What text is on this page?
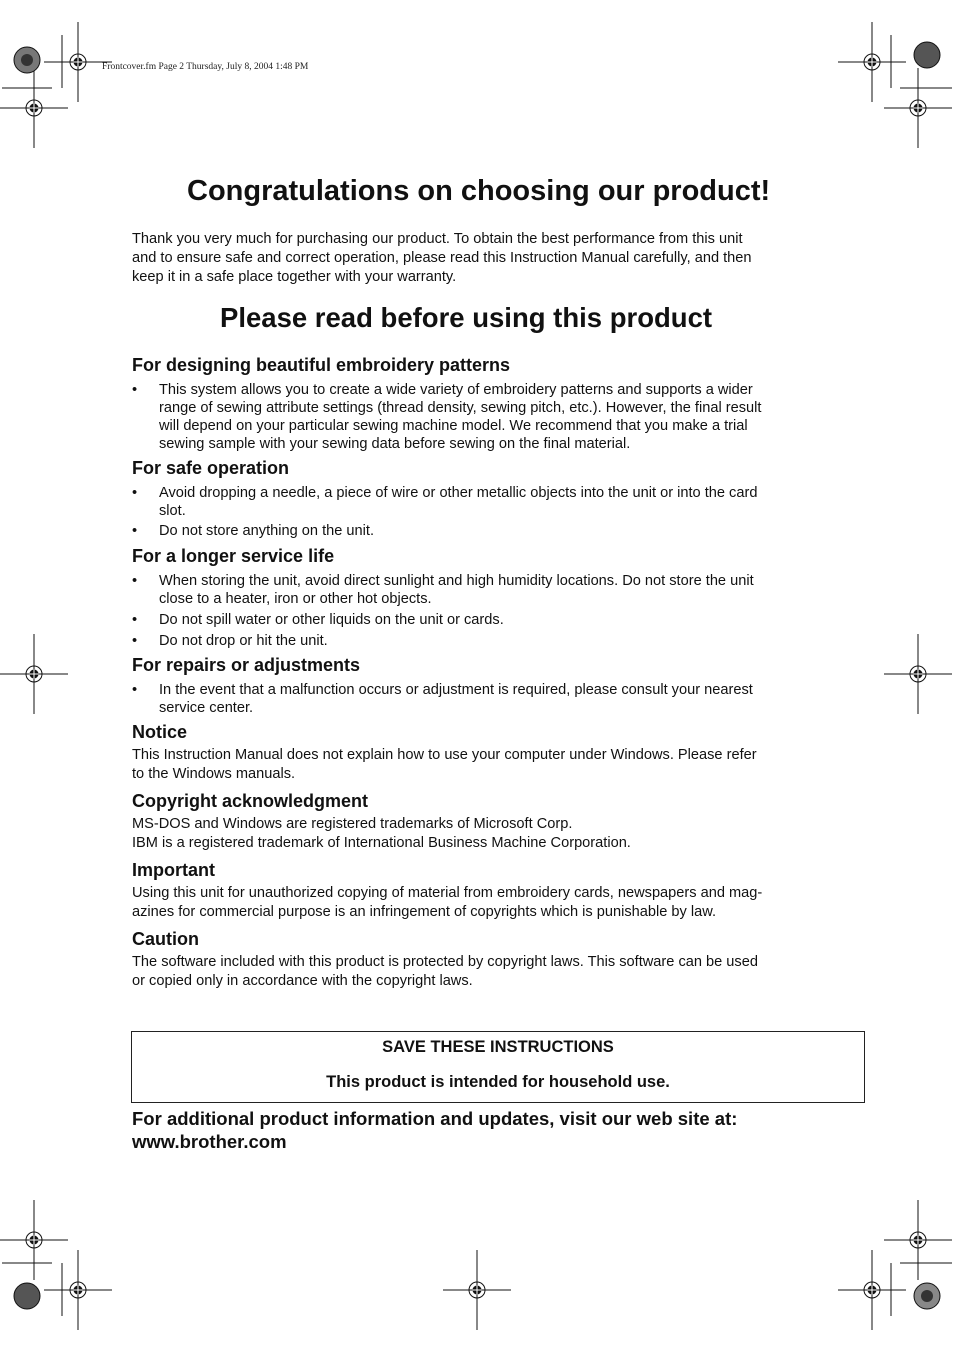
Frontcover.fm Page 2 Thursday, July 8, 2004 1:48 PM
Congratulations on choosing our product!

Thank you very much for purchasing our product. To obtain the best performance from this unit

and to ensure safe and correct operation, please read this Instruction Manual carefully, and then

keep it in a safe place together with your warranty.

Please read before using this product
For designing beautiful embroidery patterns
• This system allows you to create a wide variety of embroidery patterns and supports a wider
range of sewing attribute settings (thread density, sewing pitch, etc.). However, the final result
will depend on your particular sewing machine model. We recommend that you make a trial
sewing sample with your sewing data before sewing on the final material.
For safe operation
• Avoid dropping a needle, a piece of wire or other metallic objects into the unit or into the card
slot.
• Do not store anything on the unit.
For a longer service life
• When storing the unit, avoid direct sunlight and high humidity locations. Do not store the unit
close to a heater, iron or other hot objects.
• Do not spill water or other liquids on the unit or cards.
• Do not drop or hit the unit.
For repairs or adjustments
• In the event that a malfunction occurs or adjustment is required, please consult your nearest
service center.
Notice

This Instruction Manual does not explain how to use your computer under Windows. Please refer

to the Windows manuals.

Copyright acknowledgment

MS-DOS and Windows are registered trademarks of Microsoft Corp.

IBM is a registered trademark of International Business Machine Corporation.

Important

Using this unit for unauthorized copying of material from embroidery cards, newspapers and mag-

azines for commercial purpose is an infringement of copyrights which is punishable by law.

Caution

The software included with this product is protected by copyright laws. This software can be used

or copied only in accordance with the copyright laws.

SAVE THESE INSTRUCTIONS
This product is intended for household use.
For additional product information and updates, visit our web site at:
www.brother.com
